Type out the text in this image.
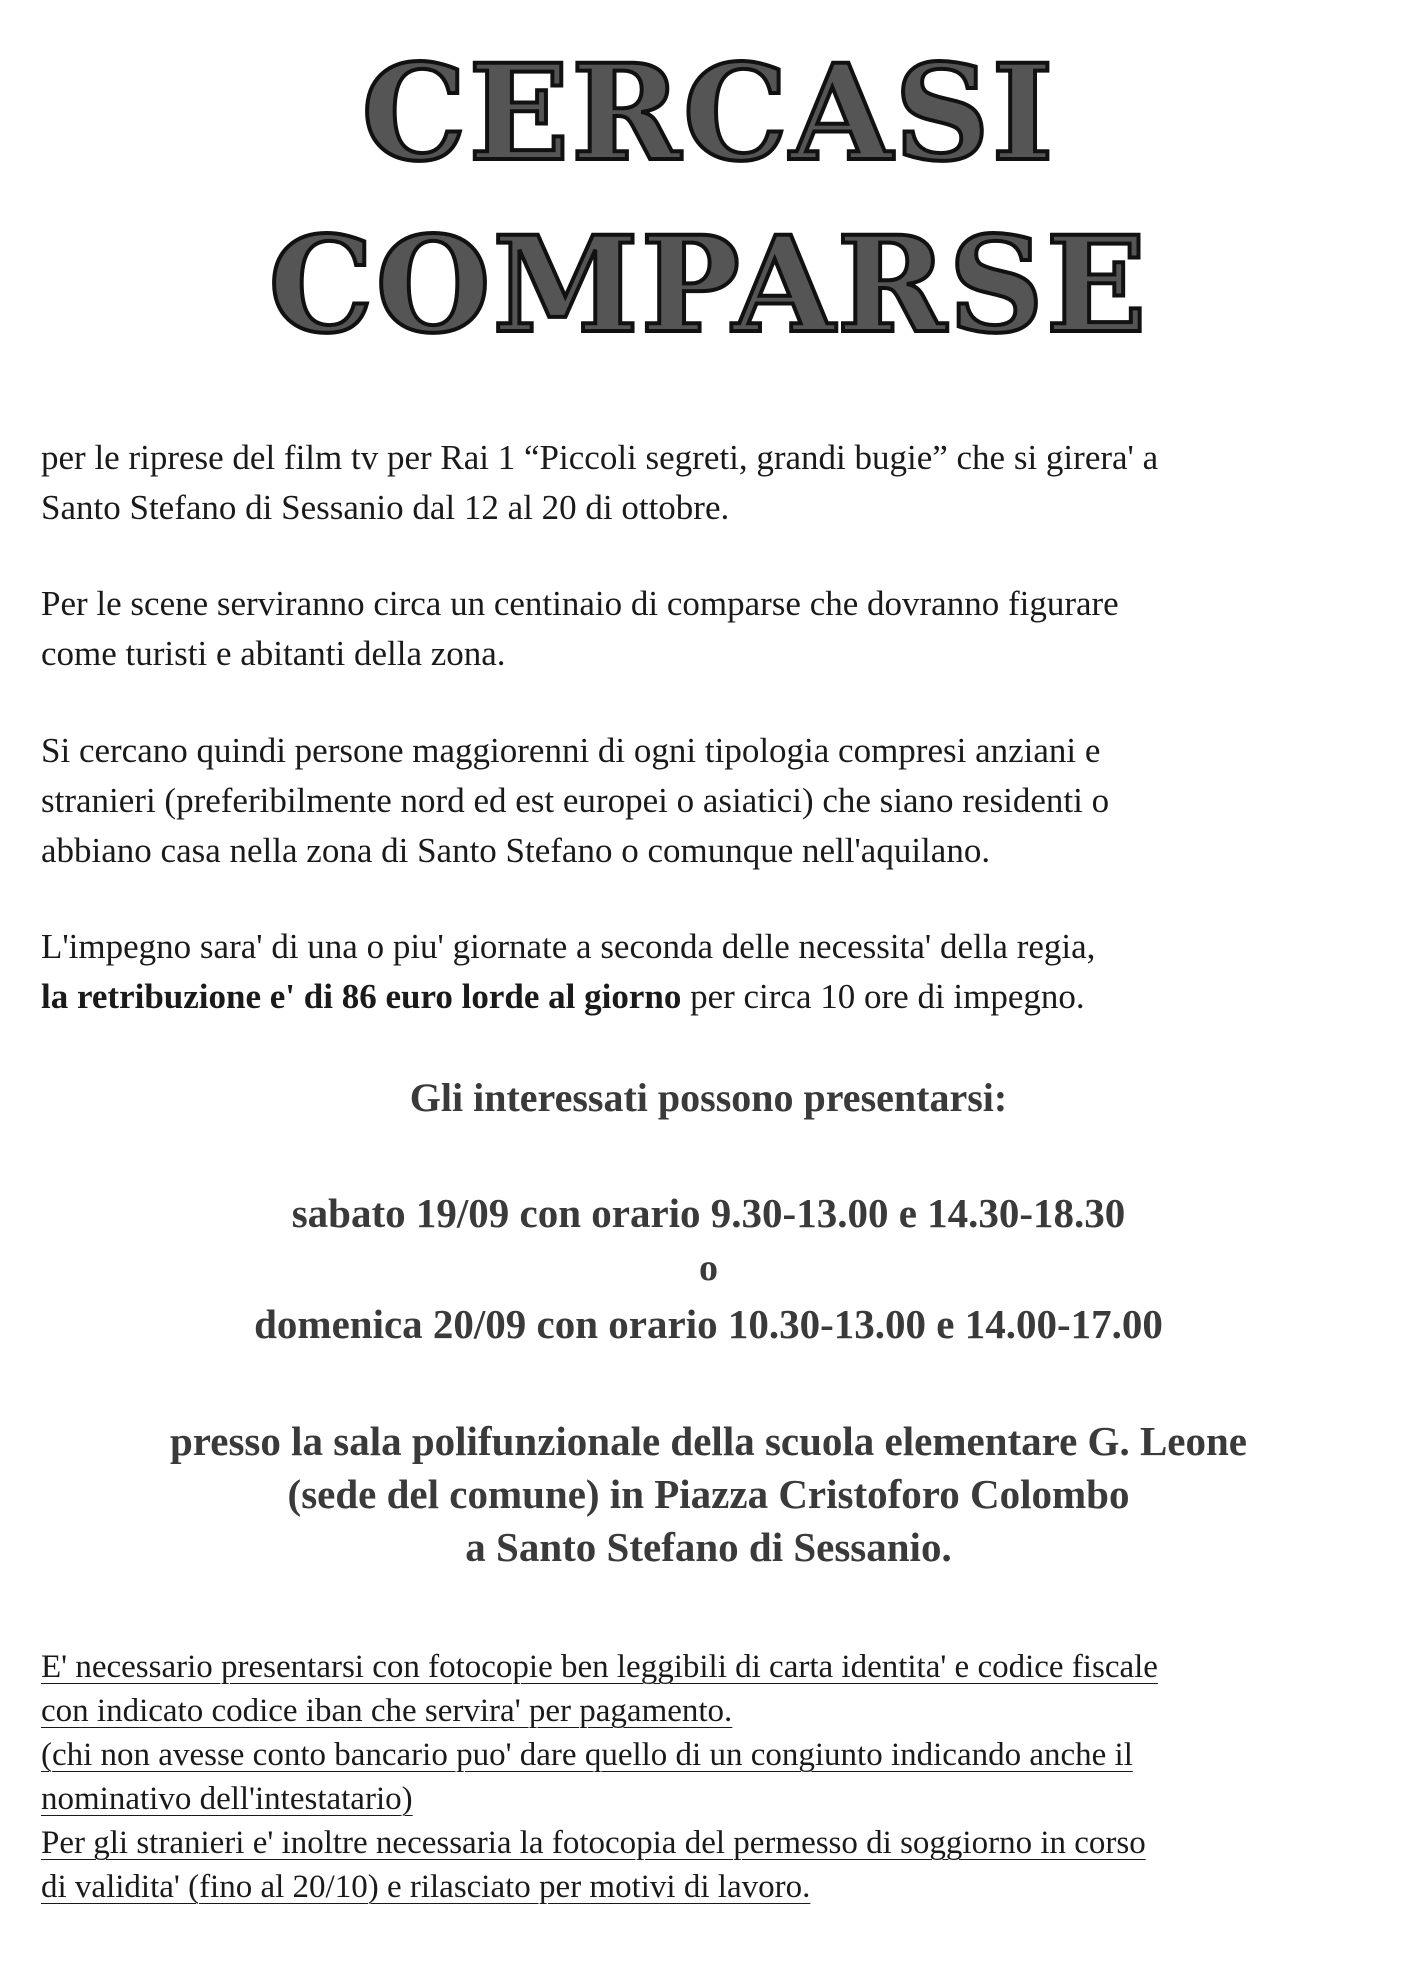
CERCASI
COMPARSE
per le riprese del film tv per Rai 1 “Piccoli segreti, grandi bugie” che si girera' a
Santo Stefano di Sessanio dal 12 al 20 di ottobre.
Per le scene serviranno circa un centinaio di comparse che dovranno figurare
come turisti e abitanti della zona.
Si cercano quindi persone maggiorenni di ogni tipologia compresi anziani e
stranieri (preferibilmente nord ed est europei o asiatici) che siano residenti o
abbiano casa nella zona di Santo Stefano o comunque nell'aquilano.
L'impegno sara' di una o piu' giornate a seconda delle necessita' della regia,
la retribuzione e' di 86 euro lorde al giorno per circa 10 ore di impegno.
Gli interessati possono presentarsi:
sabato 19/09 con orario 9.30-13.00 e 14.30-18.30
o
domenica 20/09 con orario 10.30-13.00 e 14.00-17.00
presso la sala polifunzionale della scuola elementare G. Leone
(sede del comune) in Piazza Cristoforo Colombo
a Santo Stefano di Sessanio.
E' necessario presentarsi con fotocopie ben leggibili di carta identita' e codice fiscale
con indicato codice iban che servira' per pagamento.
(chi non avesse conto bancario puo' dare quello di un congiunto indicando anche il
nominativo dell'intestatario)
Per gli stranieri e' inoltre necessaria la fotocopia del permesso di soggiorno in corso
di validita' (fino al 20/10) e rilasciato per motivi di lavoro.
